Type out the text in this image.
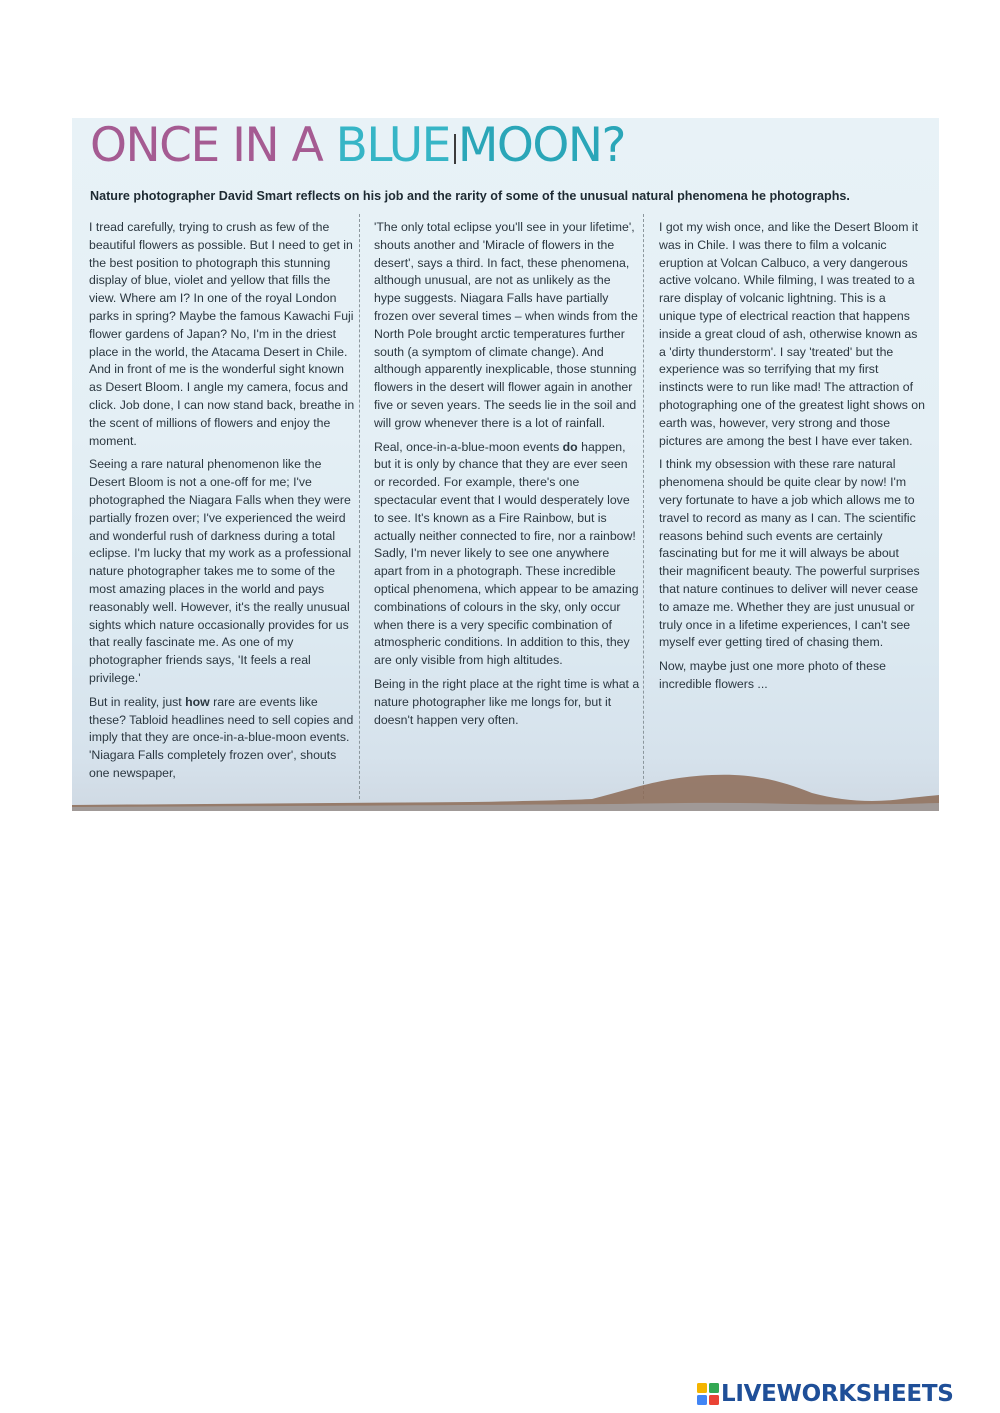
ONCE IN A BLUE MOON?
Nature photographer David Smart reflects on his job and the rarity of some of the unusual natural phenomena he photographs.

I tread carefully, trying to crush as few of the beautiful flowers as possible. But I need to get in the best position to photograph this stunning display of blue, violet and yellow that fills the view. Where am I? In one of the royal London parks in spring? Maybe the famous Kawachi Fuji flower gardens of Japan? No, I'm in the driest place in the world, the Atacama Desert in Chile. And in front of me is the wonderful sight known as Desert Bloom. I angle my camera, focus and click. Job done, I can now stand back, breathe in the scent of millions of flowers and enjoy the moment.

Seeing a rare natural phenomenon like the Desert Bloom is not a one-off for me; I've photographed the Niagara Falls when they were partially frozen over; I've experienced the weird and wonderful rush of darkness during a total eclipse. I'm lucky that my work as a professional nature photographer takes me to some of the most amazing places in the world and pays reasonably well. However, it's the really unusual sights which nature occasionally provides for us that really fascinate me. As one of my photographer friends says, 'It feels a real privilege.'

But in reality, just how rare are events like these? Tabloid headlines need to sell copies and imply that they are once-in-a-blue-moon events. 'Niagara Falls completely frozen over', shouts one newspaper,

'The only total eclipse you'll see in your lifetime', shouts another and 'Miracle of flowers in the desert', says a third. In fact, these phenomena, although unusual, are not as unlikely as the hype suggests. Niagara Falls have partially frozen over several times – when winds from the North Pole brought arctic temperatures further south (a symptom of climate change). And although apparently inexplicable, those stunning flowers in the desert will flower again in another five or seven years. The seeds lie in the soil and will grow whenever there is a lot of rainfall.

Real, once-in-a-blue-moon events do happen, but it is only by chance that they are ever seen or recorded. For example, there's one spectacular event that I would desperately love to see. It's known as a Fire Rainbow, but is actually neither connected to fire, nor a rainbow! Sadly, I'm never likely to see one anywhere apart from in a photograph. These incredible optical phenomena, which appear to be amazing combinations of colours in the sky, only occur when there is a very specific combination of atmospheric conditions. In addition to this, they are only visible from high altitudes.

Being in the right place at the right time is what a nature photographer like me longs for, but it doesn't happen very often.

I got my wish once, and like the Desert Bloom it was in Chile. I was there to film a volcanic eruption at Volcan Calbuco, a very dangerous active volcano. While filming, I was treated to a rare display of volcanic lightning. This is a unique type of electrical reaction that happens inside a great cloud of ash, otherwise known as a 'dirty thunderstorm'. I say 'treated' but the experience was so terrifying that my first instincts were to run like mad! The attraction of photographing one of the greatest light shows on earth was, however, very strong and those pictures are among the best I have ever taken.

I think my obsession with these rare natural phenomena should be quite clear by now! I'm very fortunate to have a job which allows me to travel to record as many as I can. The scientific reasons behind such events are certainly fascinating but for me it will always be about their magnificent beauty. The powerful surprises that nature continues to deliver will never cease to amaze me. Whether they are just unusual or truly once in a lifetime experiences, I can't see myself ever getting tired of chasing them.

Now, maybe just one more photo of these incredible flowers ...

LIVEWORKSHEETS
